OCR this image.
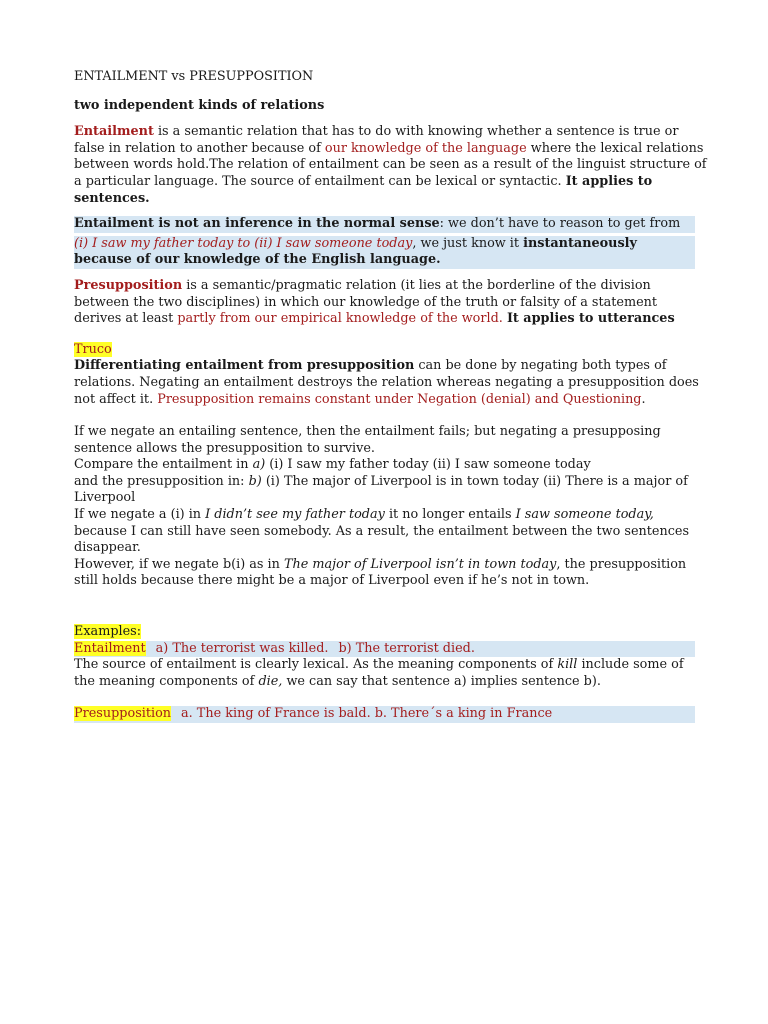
ENTAILMENT vs PRESUPPOSITION

two independent kinds of relations

Entailment is a semantic relation that has to do with knowing whether a sentence is true or false in relation to another because of our knowledge of the language where the lexical relations between words hold.The relation of entailment can be seen as a result of the linguist structure of a particular language. The source of entailment can be lexical or syntactic. It applies to sentences.

Entailment is not an inference in the normal sense: we don’t have to reason to get from

(i) I saw my father today to (ii) I saw someone today, we just know it instantaneously because of our knowledge of the English language.

Presupposition is a semantic/pragmatic relation (it lies at the borderline of the division between the two disciplines) in which our knowledge of the truth or falsity of a statement derives at least partly from our empirical knowledge of the world. It applies to utterances

Truco

Differentiating entailment from presupposition can be done by negating both types of relations. Negating an entailment destroys the relation whereas negating a presupposition does not affect it. Presupposition remains constant under Negation (denial) and Questioning.

If we negate an entailing sentence, then the entailment fails; but negating a presupposing sentence allows the presupposition to survive.

Compare the entailment in a) (i) I saw my father today (ii) I saw someone today

and the presupposition in: b) (i) The major of Liverpool is in town today (ii) There is a major of Liverpool

If we negate a (i) in I didn’t see my father today it no longer entails I saw someone today, because I can still have seen somebody. As a result, the entailment between the two sentences disappear.

However, if we negate b(i) as in The major of Liverpool isn’t in town today, the presupposition still holds because there might be a major of Liverpool even if he’s not in town.

Examples:

Entailment a) The terrorist was killed. b) The terrorist died.

The source of entailment is clearly lexical. As the meaning components of kill include some of the meaning components of die, we can say that sentence a) implies sentence b).

Presupposition a. The king of France is bald. b. There´s a king in France
